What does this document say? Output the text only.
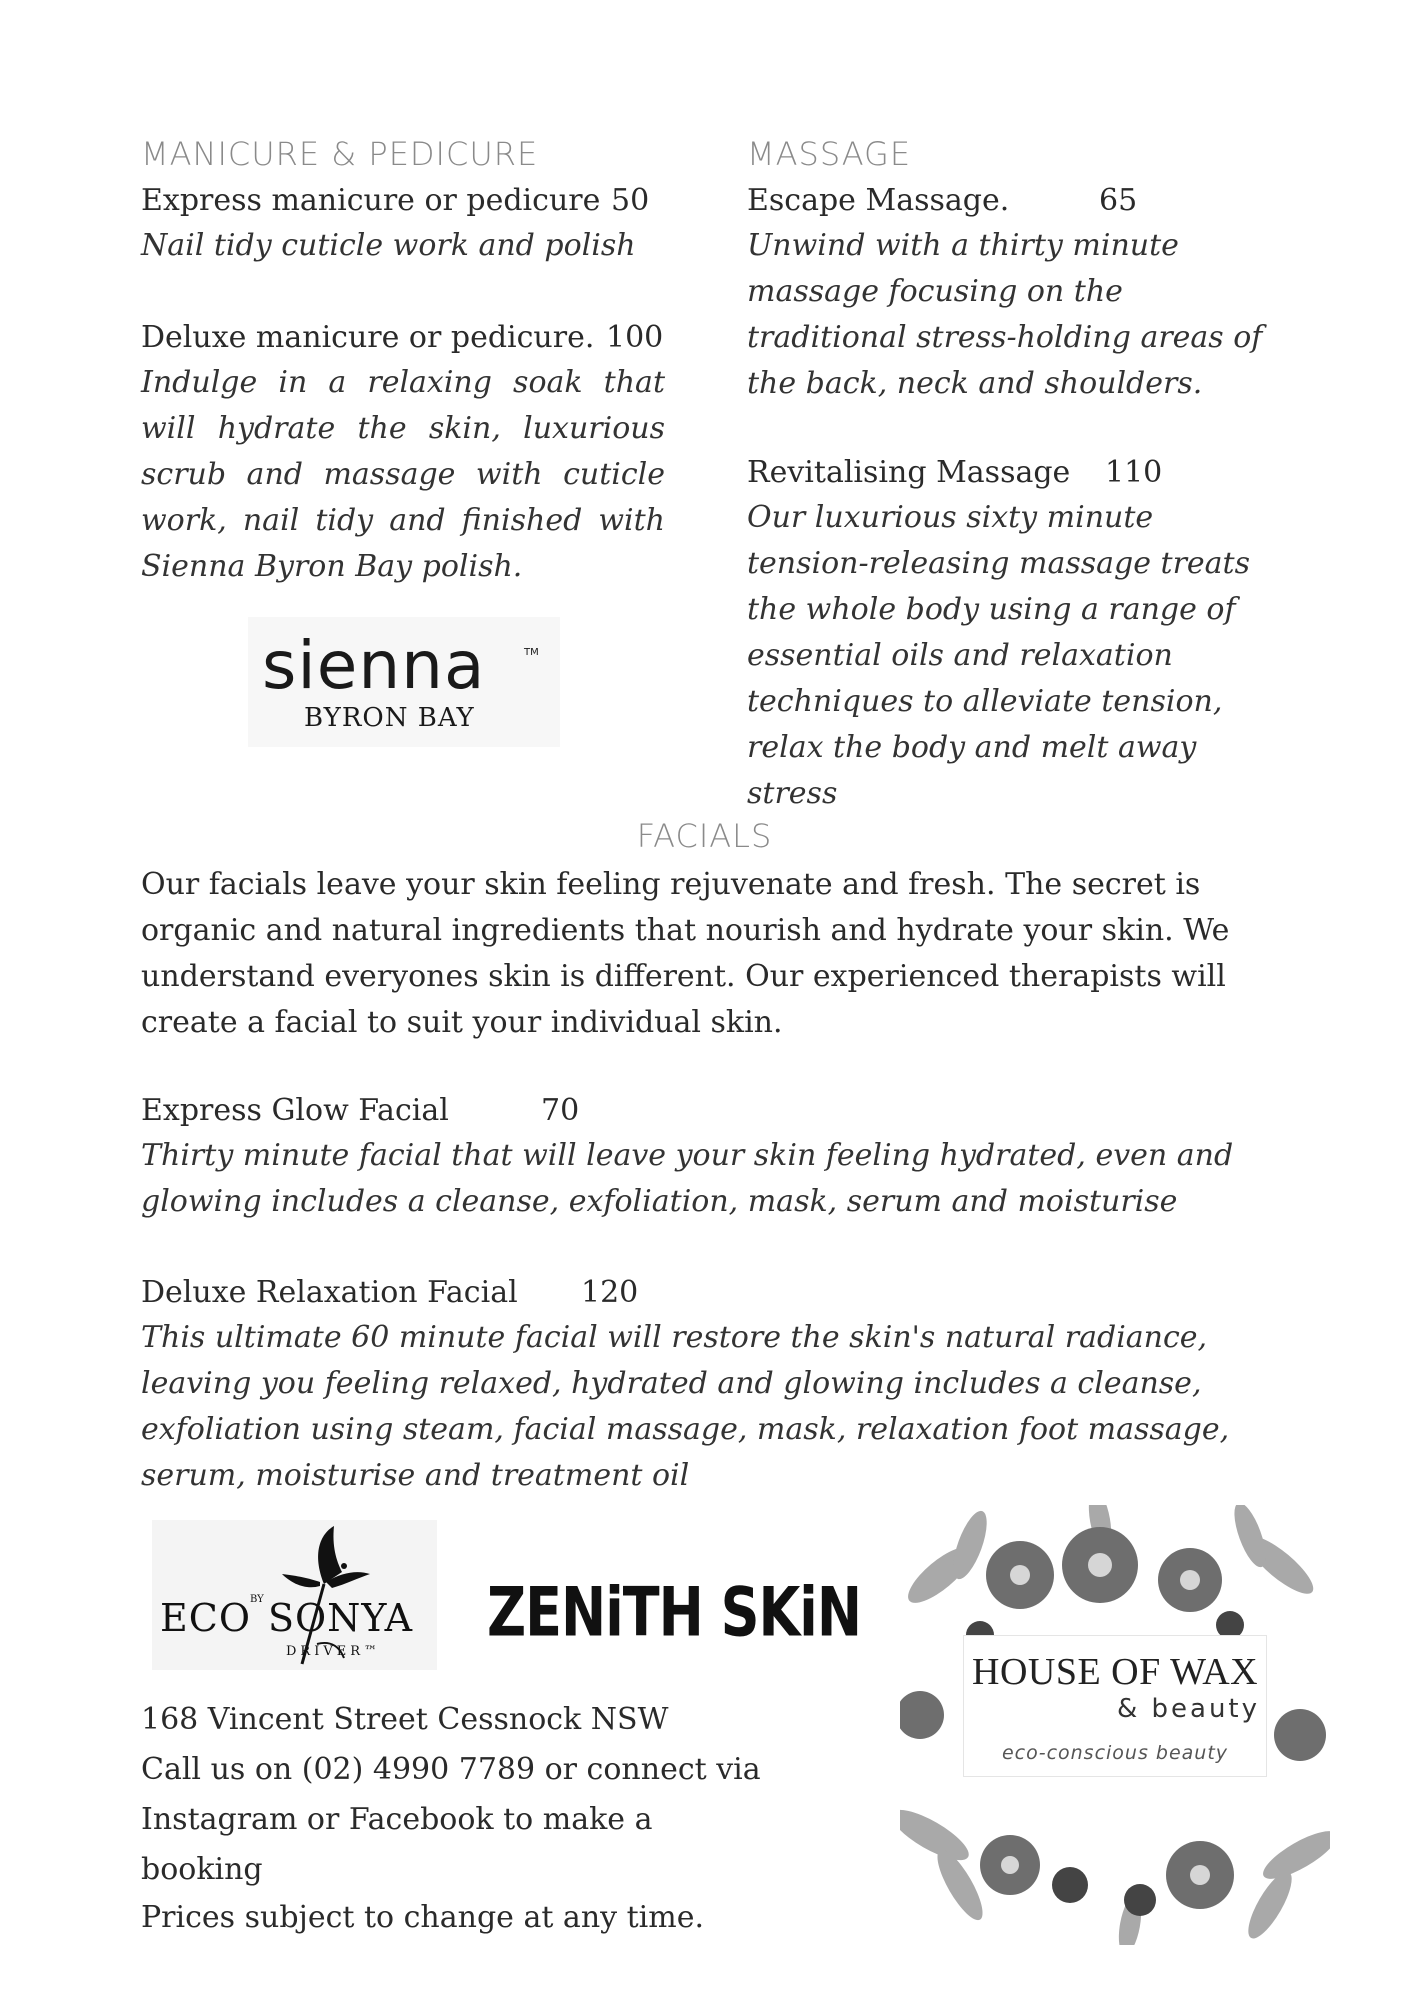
MANICURE & PEDICURE
Express manicure or pedicure 50
Nail tidy cuticle work and polish
Deluxe manicure or pedicure. 100
Indulge in a relaxing soak that will hydrate the skin, luxurious scrub and massage with cuticle work, nail tidy and finished with Sienna Byron Bay polish.
sienna	TM
BYRON BAY
MASSAGE
Escape Massage.	65
Unwind with a thirty minute massage focusing on the traditional stress-holding areas of the back, neck and shoulders.
Revitalising Massage 110
Our luxurious sixty minute tension-releasing massage treats the whole body using a range of essential oils and relaxation techniques to alleviate tension, relax the body and melt away stress
FACIALS
Our facials leave your skin feeling rejuvenate and fresh. The secret is organic and natural ingredients that nourish and hydrate your skin. We understand everyones skin is different. Our experienced therapists will create a facial to suit your individual skin.
Express Glow Facial	70
Thirty minute facial that will leave your skin feeling hydrated, even and glowing includes a cleanse, exfoliation, mask, serum and moisturise
Deluxe Relaxation Facial 120
This ultimate 60 minute facial will restore the skin's natural radiance, leaving you feeling relaxed, hydrated and glowing includes a cleanse, exfoliation using steam, facial massage, mask, relaxation foot massage, serum, moisturise and treatment oil
ECO BY SONYA
DRIVER™ ZENiTH SKiN
168 Vincent Street Cessnock NSW
Call us on (02) 4990 7789 or connect via
Instagram or Facebook to make a booking
Prices subject to change at any time.
HOUSE OF WAX
& beauty
eco-conscious beauty
